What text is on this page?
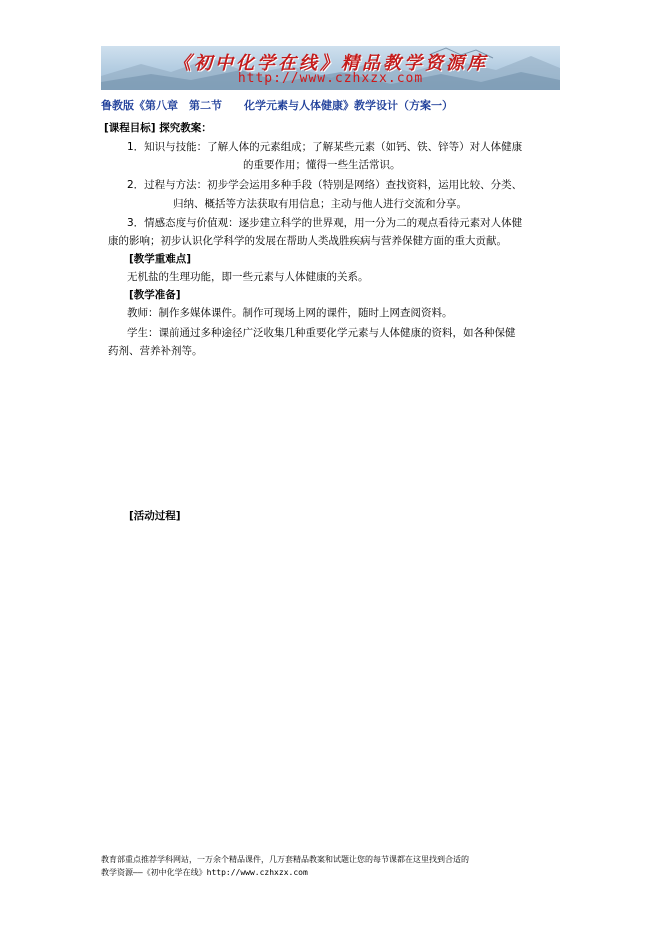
《初中化学在线》精品教学资源库
http://www.czhxzx.com
鲁教版《第八章　第二节　　化学元素与人体健康》教学设计（方案一）
[课程目标] 探究教案：
1．知识与技能：了解人体的元素组成；了解某些元素（如钙、铁、锌等）对人体健康
的重要作用；懂得一些生活常识。
2．过程与方法：初步学会运用多种手段（特别是网络）查找资料，运用比较、分类、
归纳、概括等方法获取有用信息；主动与他人进行交流和分享。
3．情感态度与价值观：逐步建立科学的世界观，用一分为二的观点看待元素对人体健
康的影响；初步认识化学科学的发展在帮助人类战胜疾病与营养保健方面的重大贡献。
[教学重难点]
无机盐的生理功能，即一些元素与人体健康的关系。
[教学准备]
教师：制作多媒体课件。制作可现场上网的课件，随时上网查阅资料。
学生：课前通过多种途径广泛收集几种重要化学元素与人体健康的资料，如各种保健
药剂、营养补剂等。
[活动过程]
教育部重点推荐学科网站，一万余个精品课件，几万套精品教案和试题让您的每节课都在这里找到合适的
教学资源——《初中化学在线》http://www.czhxzx.com
